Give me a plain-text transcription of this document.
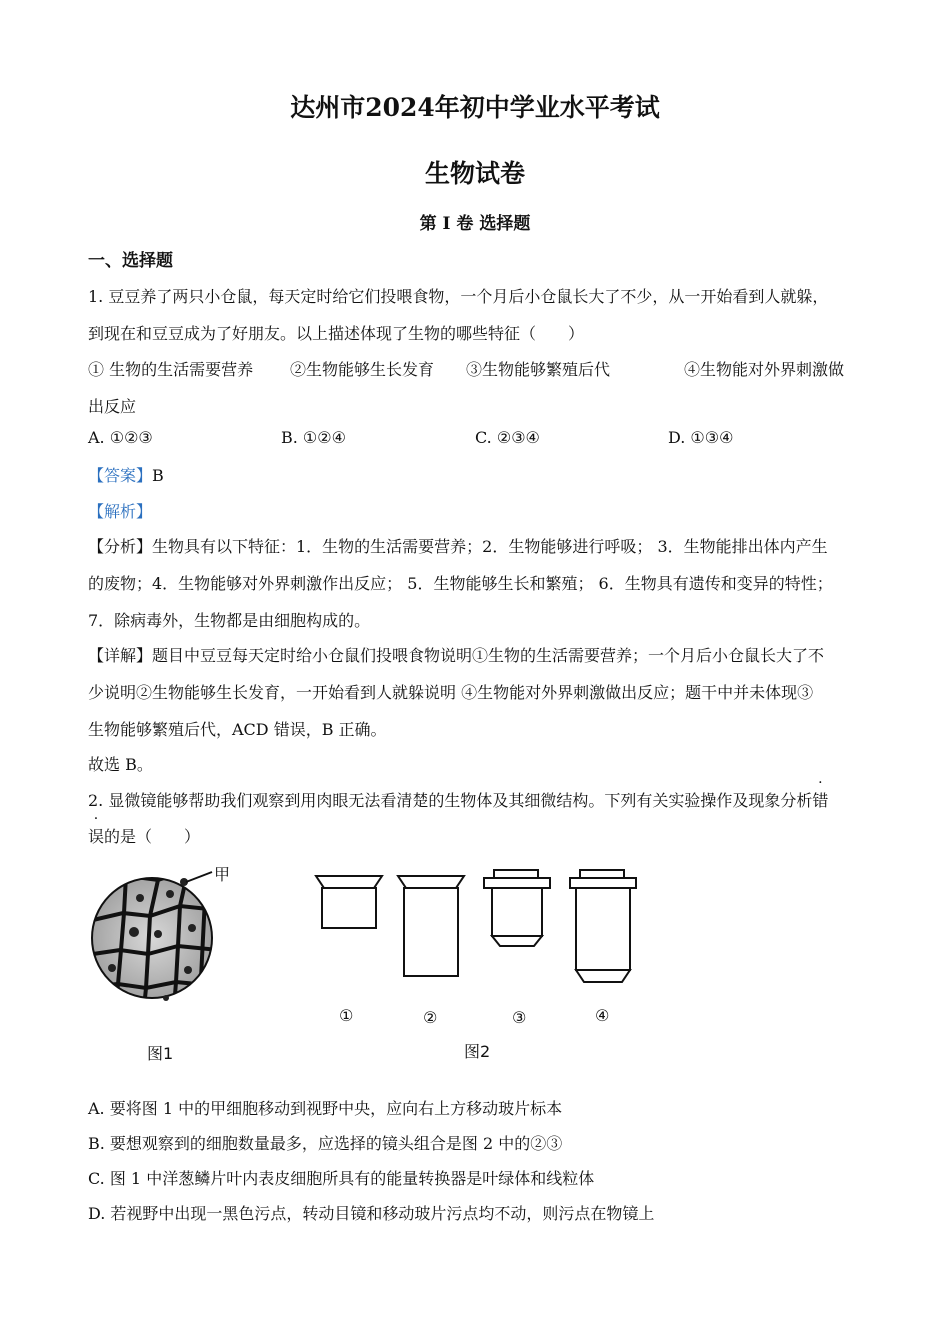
达州市2024年初中学业水平考试
生物试卷
第 I 卷 选择题
一、选择题
1. 豆豆养了两只小仓鼠，每天定时给它们投喂食物，一个月后小仓鼠长大了不少，从一开始看到人就躲，
到现在和豆豆成为了好朋友。以上描述体现了生物的哪些特征（　　）
① 生物的生活需要营养 ②生物能够生长发育 ③生物能够繁殖后代	④生物能对外界刺激做
出反应
A. ①②③	B. ①②④	C. ②③④	D. ①③④
【答案】B
【解析】
【分析】生物具有以下特征：1．生物的生活需要营养；2．生物能够进行呼吸； 3．生物能排出体内产生
的废物；4．生物能够对外界刺激作出反应； 5．生物能够生长和繁殖； 6．生物具有遗传和变异的特性；
7．除病毒外，生物都是由细胞构成的。
【详解】题目中豆豆每天定时给小仓鼠们投喂食物说明①生物的生活需要营养；一个月后小仓鼠长大了不
少说明②生物能够生长发育，一开始看到人就躲说明 ④生物能对外界刺激做出反应；题干中并未体现③
生物能够繁殖后代，ACD 错误，B 正确。
故选 B。
2. 显微镜能够帮助我们观察到用肉眼无法看清楚的生物体及其细微结构。下列有关实验操作及现象分析错
误的是（　　）
甲
图1
①	②	③	④
图2
A. 要将图 1 中的甲细胞移动到视野中央，应向右上方移动玻片标本
B. 要想观察到的细胞数量最多，应选择的镜头组合是图 2 中的②③
C. 图 1 中洋葱鳞片叶内表皮细胞所具有的能量转换器是叶绿体和线粒体
D. 若视野中出现一黑色污点，转动目镜和移动玻片污点均不动，则污点在物镜上
